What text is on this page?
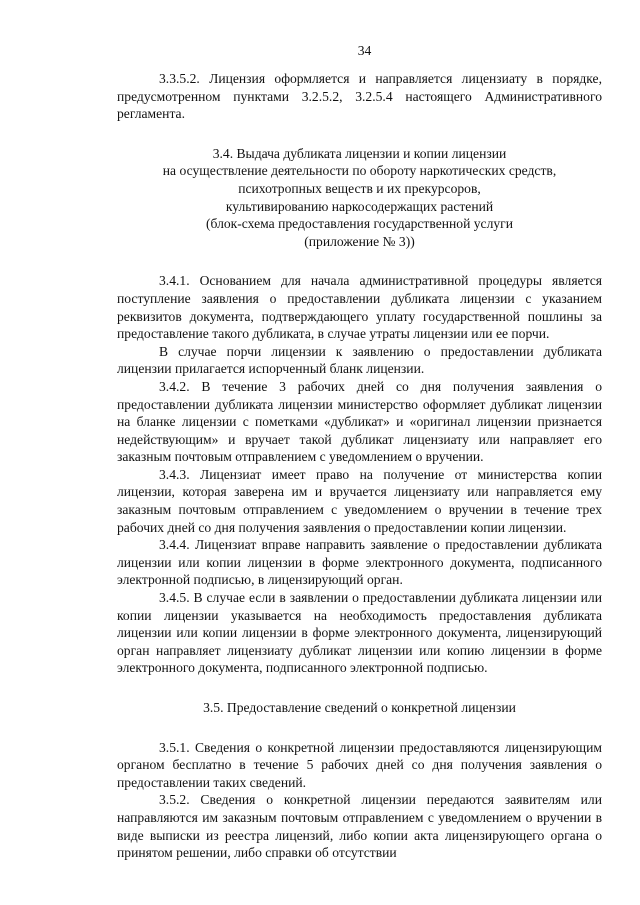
34

3.3.5.2. Лицензия оформляется и направляется лицензиату в порядке, предусмотренном пунктами 3.2.5.2, 3.2.5.4 настоящего Административного регламента.

3.4. Выдача дубликата лицензии и копии лицензии
на осуществление деятельности по обороту наркотических средств,
психотропных веществ и их прекурсоров,
культивированию наркосодержащих растений
(блок-схема предоставления государственной услуги
(приложение № 3))

3.4.1. Основанием для начала административной процедуры является поступление заявления о предоставлении дубликата лицензии с указанием реквизитов документа, подтверждающего уплату государственной пошлины за предоставление такого дубликата, в случае утраты лицензии или ее порчи.

В случае порчи лицензии к заявлению о предоставлении дубликата лицензии прилагается испорченный бланк лицензии.

3.4.2. В течение 3 рабочих дней со дня получения заявления о предоставлении дубликата лицензии министерство оформляет дубликат лицензии на бланке лицензии с пометками «дубликат» и «оригинал лицензии признается недействующим» и вручает такой дубликат лицензиату или направляет его заказным почтовым отправлением с уведомлением о вручении.

3.4.3. Лицензиат имеет право на получение от министерства копии лицензии, которая заверена им и вручается лицензиату или направляется ему заказным почтовым отправлением с уведомлением о вручении в течение трех рабочих дней со дня получения заявления о предоставлении копии лицензии.

3.4.4. Лицензиат вправе направить заявление о предоставлении дубликата лицензии или копии лицензии в форме электронного документа, подписанного электронной подписью, в лицензирующий орган.

3.4.5. В случае если в заявлении о предоставлении дубликата лицензии или копии лицензии указывается на необходимость предоставления дубликата лицензии или копии лицензии в форме электронного документа, лицензирующий орган направляет лицензиату дубликат лицензии или копию лицензии в форме электронного документа, подписанного электронной подписью.

3.5. Предоставление сведений о конкретной лицензии

3.5.1. Сведения о конкретной лицензии предоставляются лицензирующим органом бесплатно в течение 5 рабочих дней со дня получения заявления о предоставлении таких сведений.

3.5.2. Сведения о конкретной лицензии передаются заявителям или направляются им заказным почтовым отправлением с уведомлением о вручении в виде выписки из реестра лицензий, либо копии акта лицензирующего органа о принятом решении, либо справки об отсутствии
